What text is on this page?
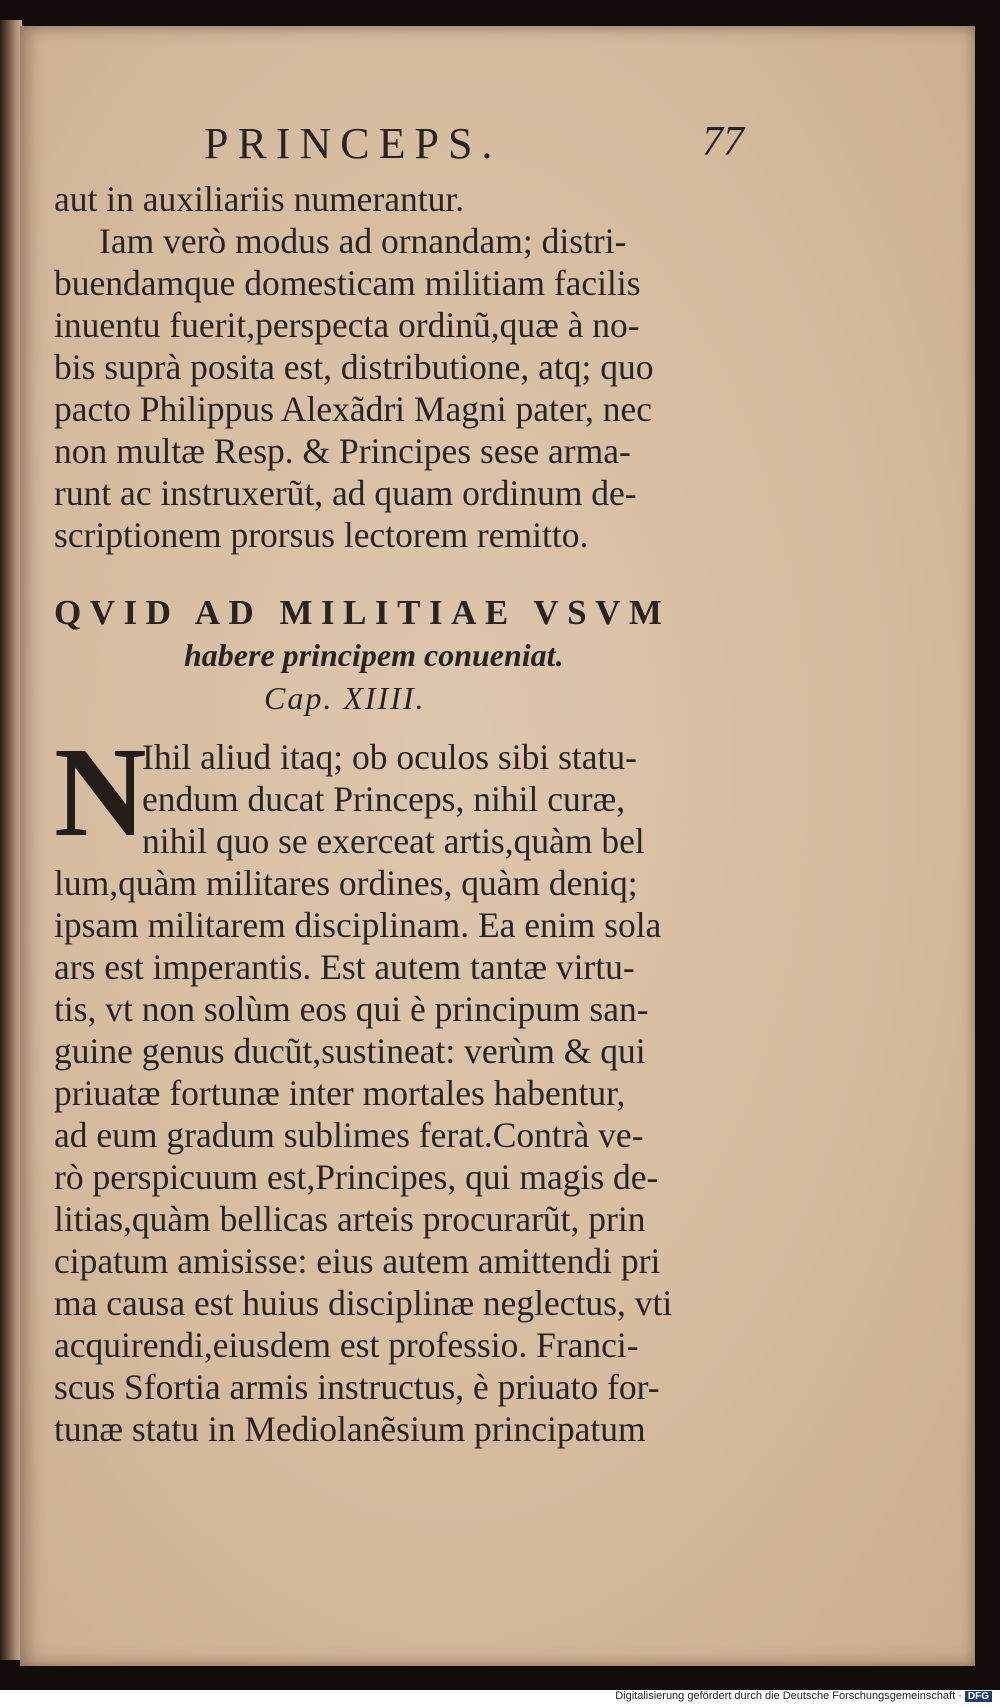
PRINCEPS.	77
aut in auxiliariis numerantur.
Iam verò modus ad ornandam; distri-
buendamque domesticam militiam facilis
inuentu fuerit,perspecta ordinũ,quæ à no-
bis suprà posita est, distributione, atq; quo
pacto Philippus Alexãdri Magni pater, nec
non multæ Resp. & Principes sese arma-
runt ac instruxerũt, ad quam ordinum de-
scriptionem prorsus lectorem remitto.
QVID AD MILITIAE VSVM
habere principem conueniat.
Cap. XIIII.
N
Ihil aliud itaq; ob oculos sibi statu-
endum ducat Princeps, nihil curæ,
nihil quo se exerceat artis,quàm bel
lum,quàm militares ordines, quàm deniq;
ipsam militarem disciplinam. Ea enim sola
ars est imperantis. Est autem tantæ virtu-
tis, vt non solùm eos qui è principum san-
guine genus ducũt,sustineat: verùm & qui
priuatæ fortunæ inter mortales habentur,
ad eum gradum sublimes ferat.Contrà ve-
rò perspicuum est,Principes, qui magis de-
litias,quàm bellicas arteis procurarũt, prin
cipatum amisisse: eius autem amittendi pri
ma causa est huius disciplinæ neglectus, vti
acquirendi,eiusdem est professio. Franci-
scus Sfortia armis instructus, è priuato for-
tunæ statu in Mediolanẽsium principatum
Digitalisierung gefördert durch die Deutsche Forschungsgemeinschaft · DFG
